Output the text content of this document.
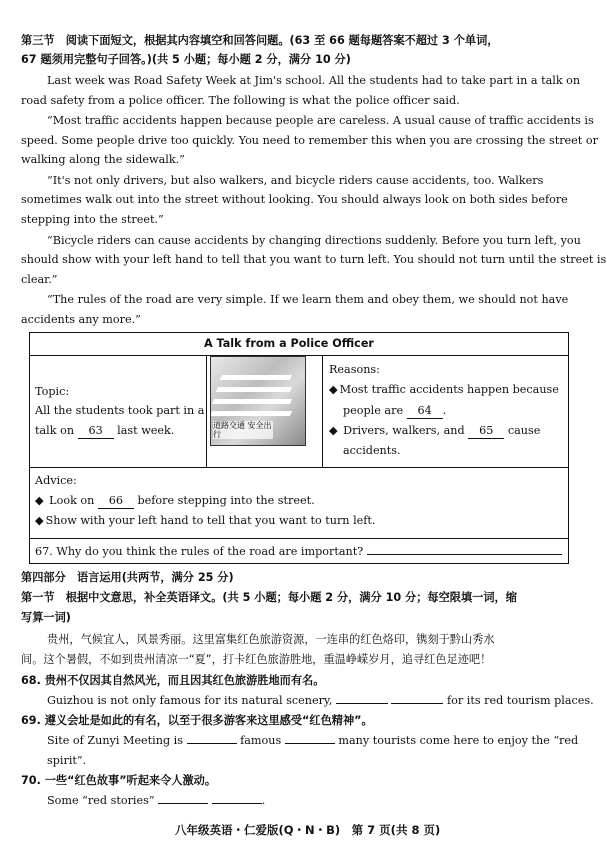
第三节　阅读下面短文，根据其内容填空和回答问题。(63 至 66 题每题答案不超过 3 个单词，
67 题须用完整句子回答。)(共 5 小题；每小题 2 分，满分 10 分)
Last week was Road Safety Week at Jim's school. All the students had to take part in a talk on
road safety from a police officer. The following is what the police officer said.
“Most traffic accidents happen because people are careless. A usual cause of traffic accidents is
speed. Some people drive too quickly. You need to remember this when you are crossing the street or
walking along the sidewalk.”
“It's not only drivers, but also walkers, and bicycle riders cause accidents, too. Walkers
sometimes walk out into the street without looking. You should always look on both sides before
stepping into the street.”
“Bicycle riders can cause accidents by changing directions suddenly. Before you turn left, you
should show with your left hand to tell that you want to turn left. You should not turn until the street is
clear.”
“The rules of the road are very simple. If we learn them and obey them, we should not have
accidents any more.”
A Talk from a Police Officer
Topic:
All the students took part in a
talk on 63 last week.	道路交通 安全出行
Reasons:
◆ Most traffic accidents happen because
people are 64 .
◆ Drivers, walkers, and 65 cause
accidents.
Advice:
◆ Look on 66 before stepping into the street.
◆ Show with your left hand to tell that you want to turn left.
67. Why do you think the rules of the road are important?
第四部分　语言运用(共两节，满分 25 分)
第一节　根据中文意思，补全英语译文。(共 5 小题；每小题 2 分，满分 10 分；每空限填一词，缩
写算一词)
贵州，气候宜人，风景秀丽。这里富集红色旅游资源，一连串的红色烙印，镌刻于黔山秀水
间。这个暑假，不如到贵州清凉一“夏”，打卡红色旅游胜地，重温峥嵘岁月，追寻红色足迹吧！
68. 贵州不仅因其自然风光，而且因其红色旅游胜地而有名。
Guizhou is not only famous for its natural scenery,	for its red tourism places.
69. 遵义会址是如此的有名，以至于很多游客来这里感受“红色精神”。
Site of Zunyi Meeting is	famous	many tourists come here to enjoy the “red
spirit”.
70. 一些“红色故事”听起来令人激动。
Some “red stories”	.
八年级英语・仁爱版(Q・N・B)　第 7 页(共 8 页)
